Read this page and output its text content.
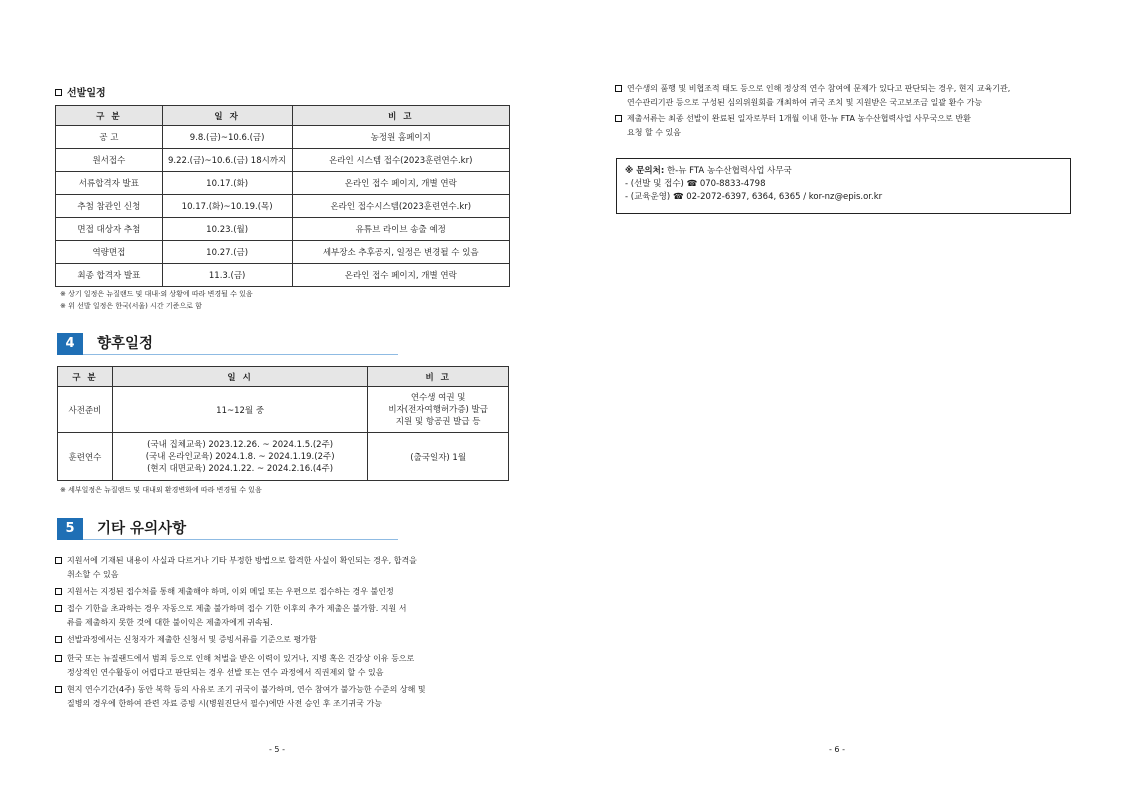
선발일정
구 분	일 자	비 고
공 고	9.8.(금)~10.6.(금)	농정원 홈페이지
원서접수	9.22.(금)~10.6.(금) 18시까지	온라인 시스템 접수(2023훈련연수.kr)
서류합격자 발표	10.17.(화)	온라인 접수 페이지, 개별 연락
추첨 참관인 신청	10.17.(화)~10.19.(목)	온라인 접수시스템(2023훈련연수.kr)
면접 대상자 추첨	10.23.(월)	유튜브 라이브 송출 예정
역량면접	10.27.(금)	세부장소 추후공지, 일정은 변경될 수 있음
최종 합격자 발표	11.3.(금)	온라인 접수 페이지, 개별 연락
※ 상기 일정은 뉴질랜드 및 대내·외 상황에 따라 변경될 수 있음
※ 위 선발 일정은 한국(서울) 시간 기준으로 함
4	향후일정
구 분	일 시	비 고
사전준비	11~12월 중	연수생 여권 및
비자(전자여행허가증) 발급
지원 및 항공권 발급 등

훈련연수	(국내 집체교육) 2023.12.26. ~ 2024.1.5.(2주)
(국내 온라인교육) 2024.1.8. ~ 2024.1.19.(2주)
(현지 대면교육) 2024.1.22. ~ 2024.2.16.(4주)	(출국일자) 1월
※ 세부일정은 뉴질랜드 및 대내외 환경변화에 따라 변경될 수 있음
5	기타 유의사항
지원서에 기재된 내용이 사실과 다르거나 기타 부정한 방법으로 합격한 사실이 확인되는 경우, 합격을
취소할 수 있음
지원서는 지정된 접수처를 통해 제출해야 하며, 이외 메일 또는 우편으로 접수하는 경우 불인정
접수 기한을 초과하는 경우 자동으로 제출 불가하며 접수 기한 이후의 추가 제출은 불가함. 지원 서
류를 제출하지 못한 것에 대한 불이익은 제출자에게 귀속됨.
선발과정에서는 신청자가 제출한 신청서 및 증빙서류를 기준으로 평가함
한국 또는 뉴질랜드에서 범죄 등으로 인해 처벌을 받은 이력이 있거나, 지병 혹은 건강상 이유 등으로
정상적인 연수활동이 어렵다고 판단되는 경우 선발 또는 연수 과정에서 직권제외 할 수 있음
현지 연수기간(4주) 동안 복학 등의 사유로 조기 귀국이 불가하며, 연수 참여가 불가능한 수준의 상해 및
질병의 경우에 한하여 관련 자료 증빙 시(병원진단서 필수)에만 사전 승인 후 조기귀국 가능
- 5 -
연수생의 품행 및 비협조적 태도 등으로 인해 정상적 연수 참여에 문제가 있다고 판단되는 경우, 현지 교육기관,
연수관리기관 등으로 구성된 심의위원회를 개최하여 귀국 조치 및 지원받은 국고보조금 일괄 환수 가능
제출서류는 최종 선발이 완료된 일자로부터 1개월 이내 한-뉴 FTA 농수산협력사업 사무국으로 반환
요청 할 수 있음
※ 문의처: 한-뉴 FTA 농수산협력사업 사무국
- (선발 및 접수) ☎ 070-8833-4798
- (교육운영) ☎ 02-2072-6397, 6364, 6365 / kor-nz@epis.or.kr
- 6 -
